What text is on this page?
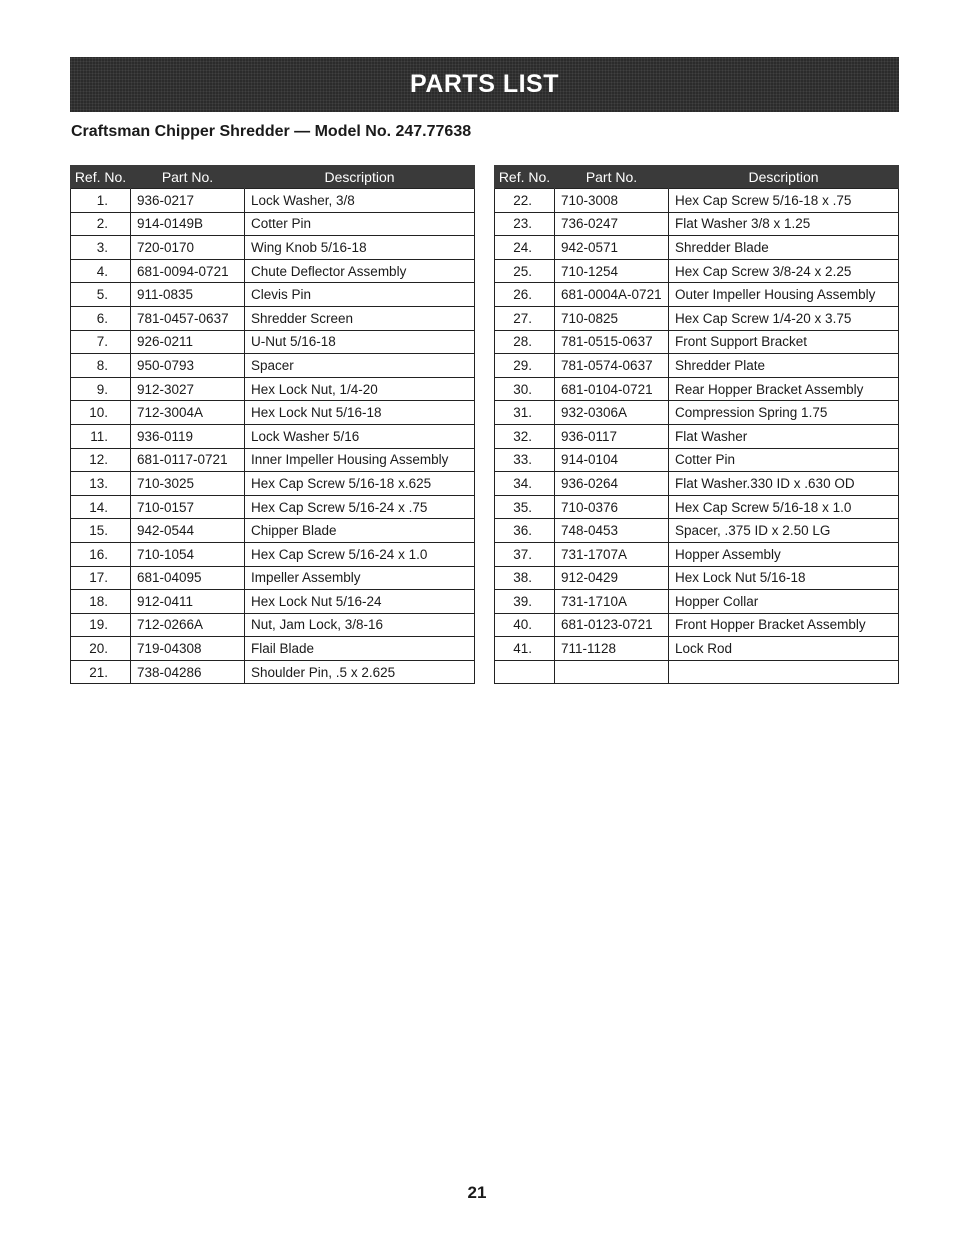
PARTS LIST
Craftsman Chipper Shredder — Model No. 247.77638
Ref. No.	Part No.	Description
1.	936-0217	Lock Washer, 3/8
2.	914-0149B	Cotter Pin
3.	720-0170	Wing Knob 5/16-18
4.	681-0094-0721	Chute Deflector Assembly
5.	911-0835	Clevis Pin
6.	781-0457-0637	Shredder Screen
7.	926-0211	U-Nut 5/16-18
8.	950-0793	Spacer
9.	912-3027	Hex Lock Nut, 1/4-20
10.	712-3004A	Hex Lock Nut 5/16-18
11.	936-0119	Lock Washer 5/16
12.	681-0117-0721	Inner Impeller Housing Assembly
13.	710-3025	Hex Cap Screw 5/16-18 x.625
14.	710-0157	Hex Cap Screw 5/16-24 x .75
15.	942-0544	Chipper Blade
16.	710-1054	Hex Cap Screw 5/16-24 x 1.0
17.	681-04095	Impeller Assembly
18.	912-0411	Hex Lock Nut 5/16-24
19.	712-0266A	Nut, Jam Lock, 3/8-16
20.	719-04308	Flail Blade
21.	738-04286	Shoulder Pin, .5 x 2.625
Ref. No.	Part No.	Description
22.	710-3008	Hex Cap Screw 5/16-18 x .75
23.	736-0247	Flat Washer 3/8 x 1.25
24.	942-0571	Shredder Blade
25.	710-1254	Hex Cap Screw 3/8-24 x 2.25
26.	681-0004A-0721	Outer Impeller Housing Assembly
27.	710-0825	Hex Cap Screw 1/4-20 x 3.75
28.	781-0515-0637	Front Support Bracket
29.	781-0574-0637	Shredder Plate
30.	681-0104-0721	Rear Hopper Bracket Assembly
31.	932-0306A	Compression Spring 1.75
32.	936-0117	Flat Washer
33.	914-0104	Cotter Pin
34.	936-0264	Flat Washer.330 ID x .630 OD
35.	710-0376	Hex Cap Screw 5/16-18 x 1.0
36.	748-0453	Spacer, .375 ID x 2.50 LG
37.	731-1707A	Hopper Assembly
38.	912-0429	Hex Lock Nut 5/16-18
39.	731-1710A	Hopper Collar
40.	681-0123-0721	Front Hopper Bracket Assembly
41.	711-1128	Lock Rod

21
